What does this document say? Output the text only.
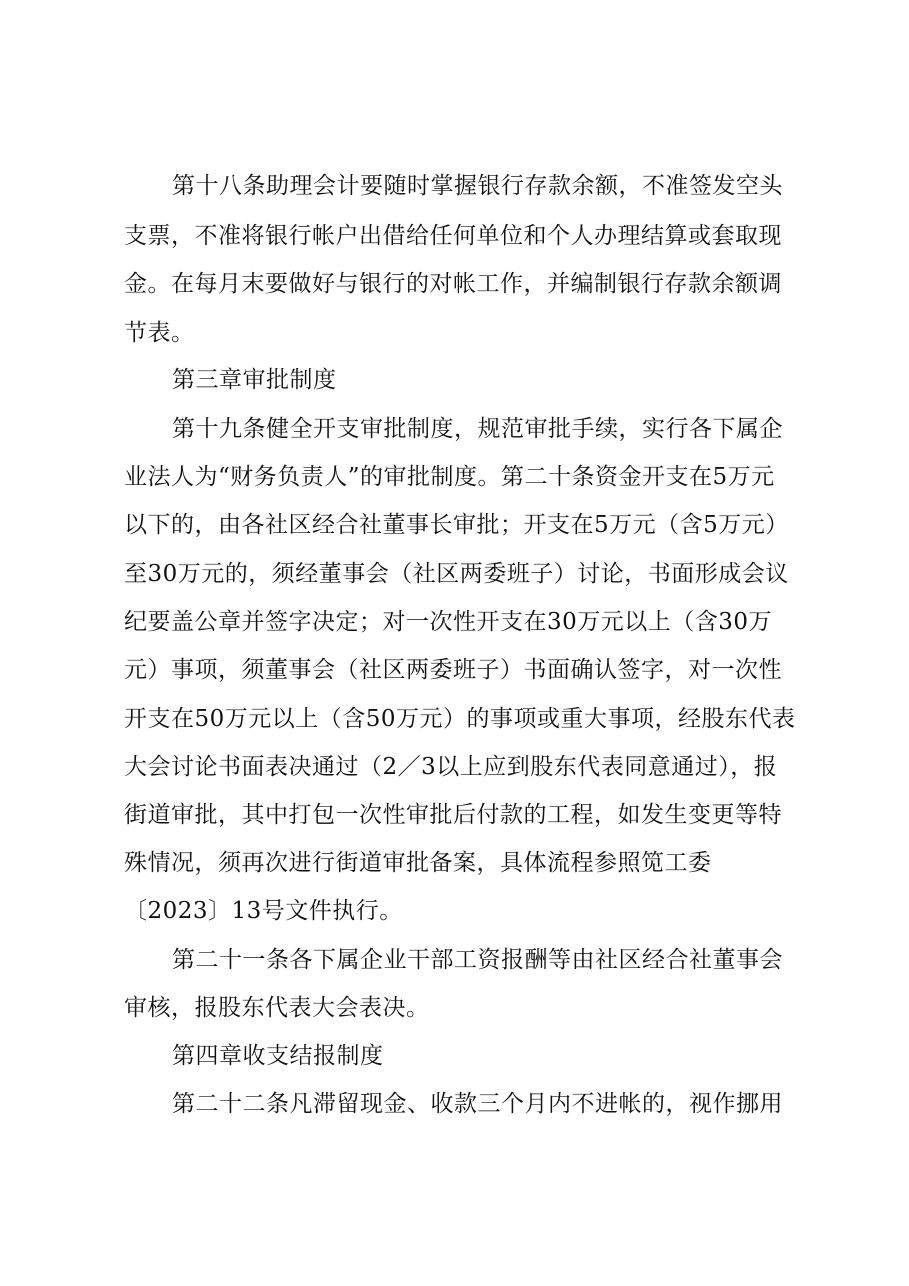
第十八条助理会计要随时掌握银行存款余额，不准签发空头
支票，不准将银行帐户出借给任何单位和个人办理结算或套取现
金。在每月末要做好与银行的对帐工作，并编制银行存款余额调
节表。
第三章审批制度
第十九条健全开支审批制度，规范审批手续，实行各下属企
业法人为“财务负责人”的审批制度。第二十条资金开支在5万元
以下的，由各社区经合社董事长审批；开支在5万元（含5万元）
至30万元的，须经董事会（社区两委班子）讨论，书面形成会议
纪要盖公章并签字决定；对一次性开支在30万元以上（含30万
元）事项，须董事会（社区两委班子）书面确认签字，对一次性
开支在50万元以上（含50万元）的事项或重大事项，经股东代表
大会讨论书面表决通过（2／3以上应到股东代表同意通过），报
街道审批，其中打包一次性审批后付款的工程，如发生变更等特
殊情况，须再次进行街道审批备案，具体流程参照笕工委
〔2023〕13号文件执行。
第二十一条各下属企业干部工资报酬等由社区经合社董事会
审核，报股东代表大会表决。
第四章收支结报制度
第二十二条凡滞留现金、收款三个月内不进帐的，视作挪用
